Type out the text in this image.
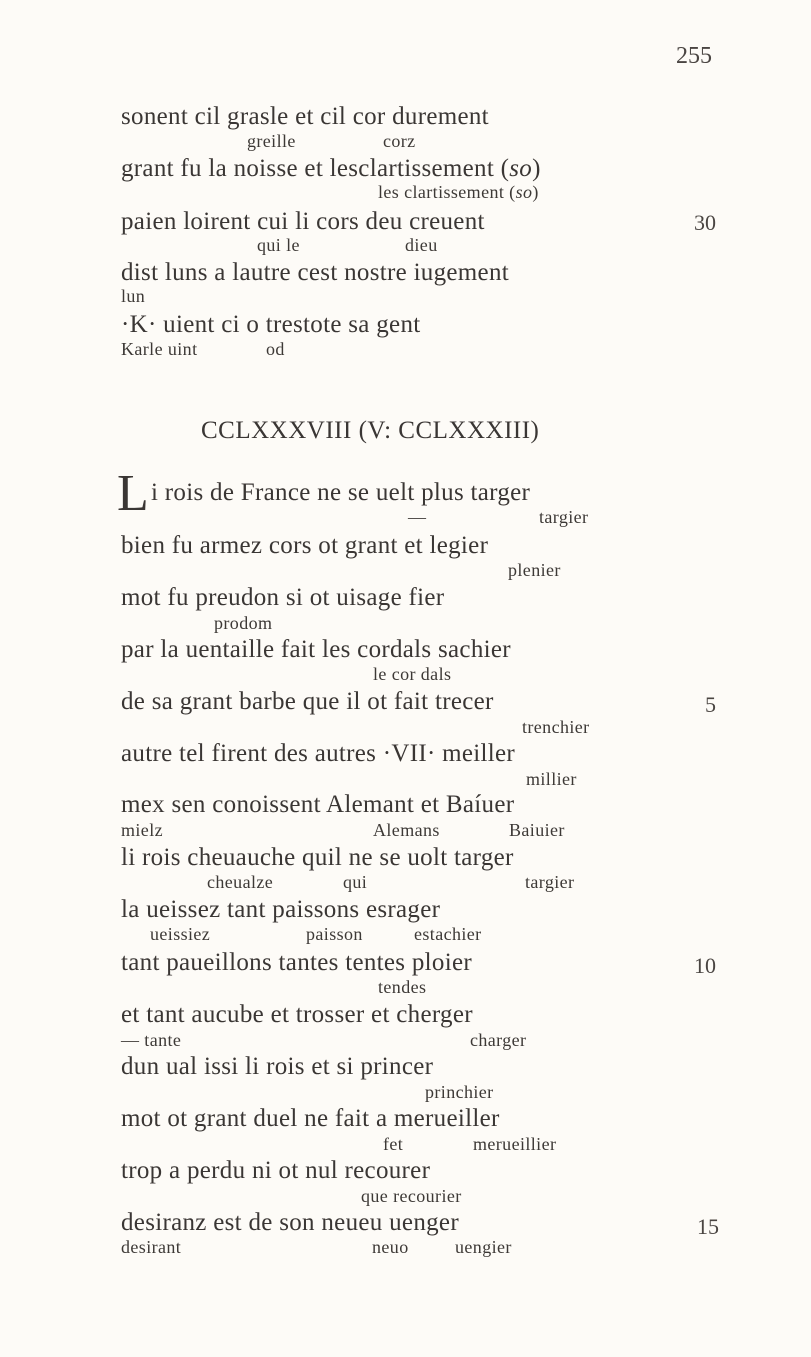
255
sonent cil grasle et cil cor durement
greille	corz
grant fu la noisse et lesclartissement (so)
les clartissement (so)
paien loirent cui li cors deu creuent	30
qui le	dieu
dist luns a lautre cest nostre iugement
lun
·K· uient ci o trestote sa gent
Karle uint	od
CCLXXXVIII (V: CCLXXXIII)
L i rois de France ne se uelt plus targer
—	targier
bien fu armez cors ot grant et legier
plenier
mot fu preudon si ot uisage fier
prodom
par la uentaille fait les cordals sachier
le cor dals
de sa grant barbe que il ot fait trecer	5
trenchier
autre tel firent des autres ·VII· meiller
millier
mex sen conoissent Alemant et Baíuer
mielz	Alemans	Baiuier
li rois cheuauche quil ne se uolt targer
cheualze	qui	targier
la ueissez tant paissons esrager
ueissiez	paisson	estachier
tant paueillons tantes tentes ploier	10
tendes
et tant aucube et trosser et cherger
— tante	charger
dun ual issi li rois et si princer
princhier
mot ot grant duel ne fait a merueiller
fet	merueillier
trop a perdu ni ot nul recourer
que recourier
desiranz est de son neueu uenger	15
desirant	neuo	uengier
